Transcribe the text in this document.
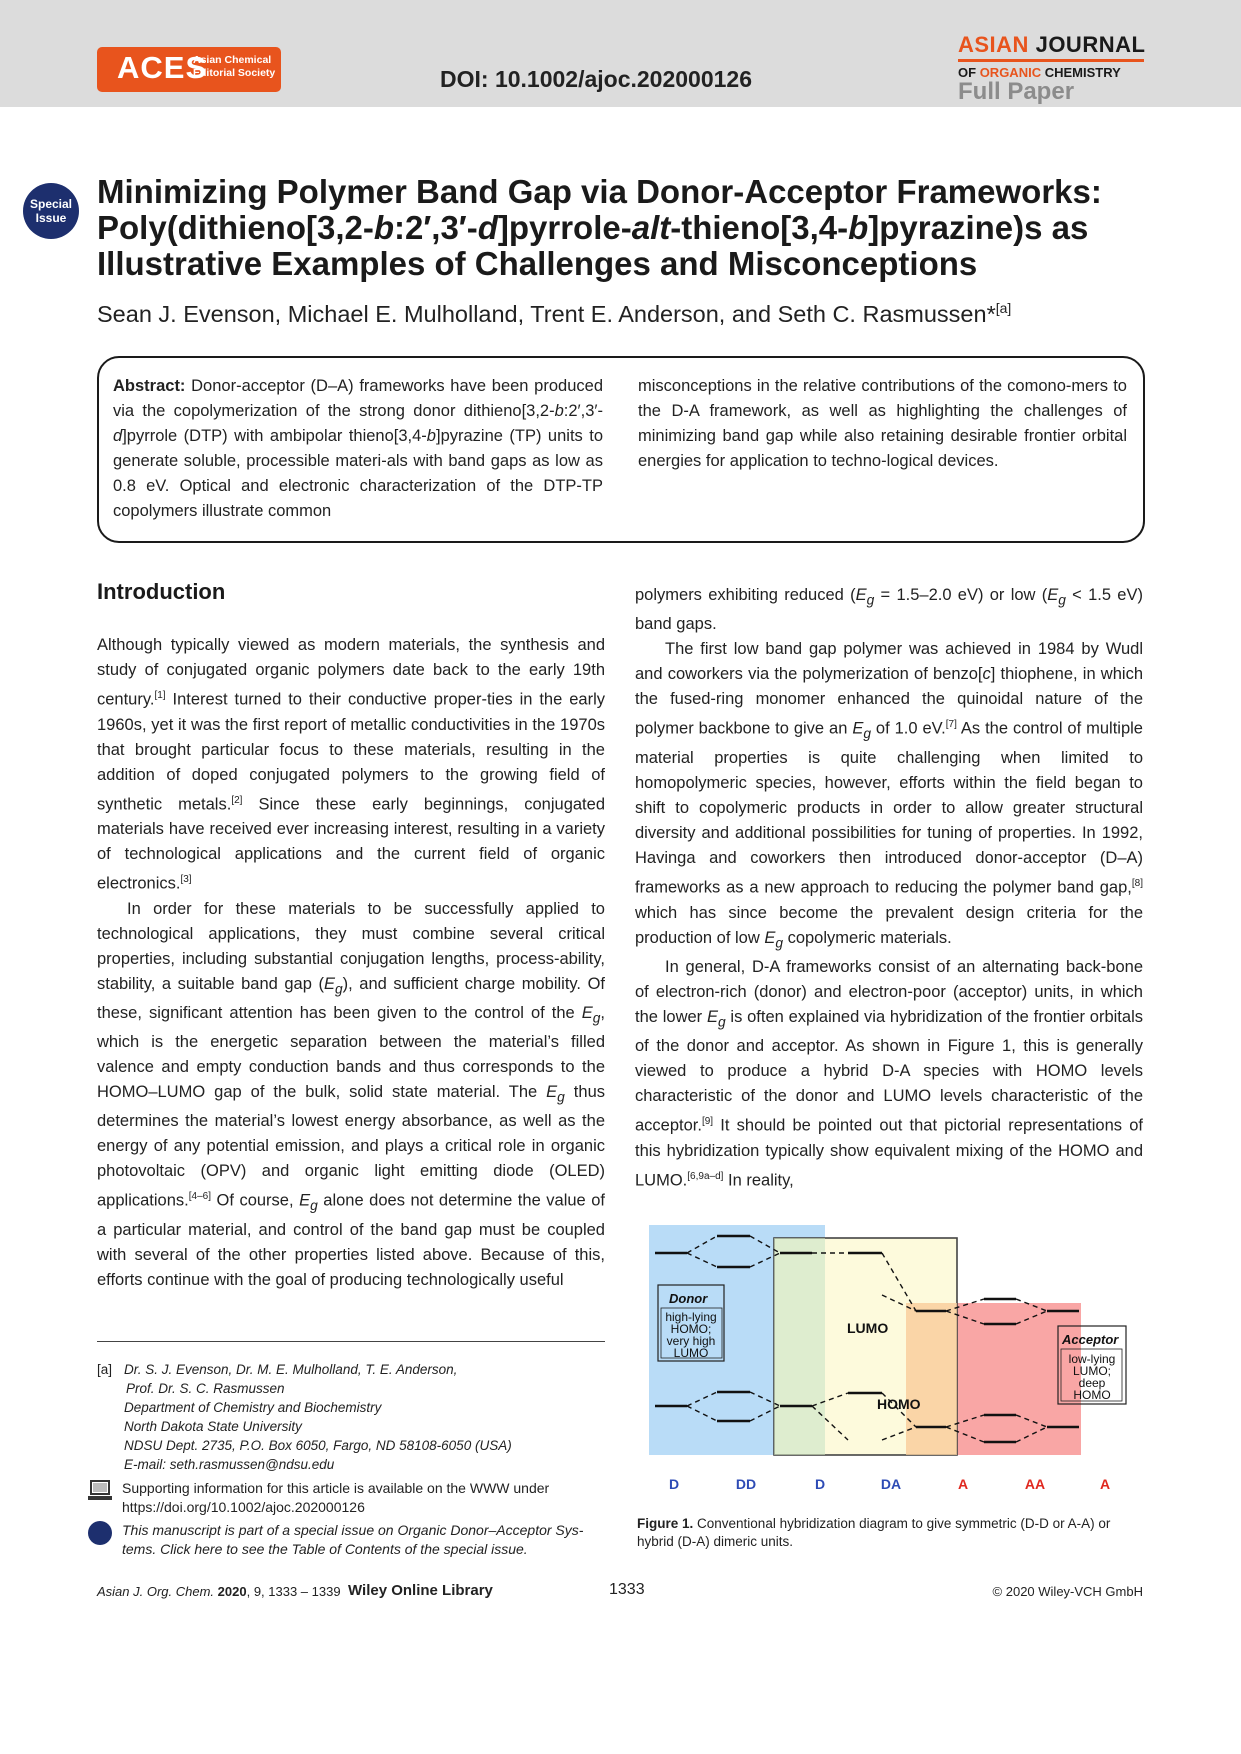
ACES
Asian Chemical
Editorial Society	DOI: 10.1002/ajoc.202000126
ASIAN JOURNAL
OF ORGANIC CHEMISTRY
Full Paper
Special
Issue
Minimizing Polymer Band Gap via Donor-Acceptor Frameworks: Poly(dithieno[3,2-b:2′,3′-d]pyrrole-alt-thieno[3,4-b]pyrazine)s as Illustrative Examples of Challenges and Misconceptions
Sean J. Evenson, Michael E. Mulholland, Trent E. Anderson, and Seth C. Rasmussen*[a]
Abstract: Donor-acceptor (D–A) frameworks have been produced via the copolymerization of the strong donor dithieno[3,2-b:2′,3′-d]pyrrole (DTP) with ambipolar thieno[3,4-b]pyrazine (TP) units to generate soluble, processible materi-als with band gaps as low as 0.8 eV. Optical and electronic characterization of the DTP-TP copolymers illustrate common
misconceptions in the relative contributions of the comono-mers to the D-A framework, as well as highlighting the challenges of minimizing band gap while also retaining desirable frontier orbital energies for application to techno-logical devices.
Introduction

Although typically viewed as modern materials, the synthesis and study of conjugated organic polymers date back to the early 19th century.[1] Interest turned to their conductive proper-ties in the early 1960s, yet it was the first report of metallic conductivities in the 1970s that brought particular focus to these materials, resulting in the addition of doped conjugated polymers to the growing field of synthetic metals.[2] Since these early beginnings, conjugated materials have received ever increasing interest, resulting in a variety of technological applications and the current field of organic electronics.[3]

In order for these materials to be successfully applied to technological applications, they must combine several critical properties, including substantial conjugation lengths, process-ability, stability, a suitable band gap $(E_g)$, and sufficient charge mobility. Of these, significant attention has been given to the control of the $E_g$, which is the energetic separation between the material’s filled valence and empty conduction bands and thus corresponds to the HOMO–LUMO gap of the bulk, solid state material. The $E_g$ thus determines the material’s lowest energy absorbance, as well as the energy of any potential emission, and plays a critical role in organic photovoltaic (OPV) and organic light emitting diode (OLED) applications.[4–6] Of course, $E_g$ alone does not determine the value of a particular material, and control of the band gap must be coupled with several of the other properties listed above. Because of this, efforts continue with the goal of producing technologically useful

polymers exhibiting reduced ($E_g = 1.5-2.0$ eV) or low ($E_g < 1.5$ eV) band gaps.

The first low band gap polymer was achieved in 1984 by Wudl and coworkers via the polymerization of benzo[c] thiophene, in which the fused-ring monomer enhanced the quinoidal nature of the polymer backbone to give an $E_g$ of 1.0 eV.[7] As the control of multiple material properties is quite challenging when limited to homopolymeric species, however, efforts within the field began to shift to copolymeric products in order to allow greater structural diversity and additional possibilities for tuning of properties. In 1992, Havinga and coworkers then introduced donor-acceptor (D–A) frameworks as a new approach to reducing the polymer band gap,[8] which has since become the prevalent design criteria for the production of low $E_g$ copolymeric materials.

In general, D-A frameworks consist of an alternating back-bone of electron-rich (donor) and electron-poor (acceptor) units, in which the lower $E_g$ is often explained via hybridization of the frontier orbitals of the donor and acceptor. As shown in Figure 1, this is generally viewed to produce a hybrid D-A species with HOMO levels characteristic of the donor and LUMO levels characteristic of the acceptor.[9] It should be pointed out that pictorial representations of this hybridization typically show equivalent mixing of the HOMO and LUMO.[6,9a–d] In reality,

[a] Dr. S. J. Evenson, Dr. M. E. Mulholland, T. E. Anderson,
Prof. Dr. S. C. Rasmussen
Department of Chemistry and Biochemistry
North Dakota State University
NDSU Dept. 2735, P.O. Box 6050, Fargo, ND 58108-6050 (USA)
E-mail: seth.rasmussen@ndsu.edu
Supporting information for this article is available on the WWW under https://doi.org/10.1002/ajoc.202000126
This manuscript is part of a special issue on Organic Donor–Acceptor Sys-tems. Click here to see the Table of Contents of the special issue.
Donor
high-lying
HOMO;
very high
LUMO
Acceptor
low-lying
LUMO;
deep
HOMO
LUMO
HOMO
D	DD	D	DA	A	AA	A
Figure 1. Conventional hybridization diagram to give symmetric (D-D or A-A) or hybrid (D-A) dimeric units.
Asian J. Org. Chem. 2020, 9, 1333 – 1339 Wiley Online Library	1333	© 2020 Wiley-VCH GmbH
